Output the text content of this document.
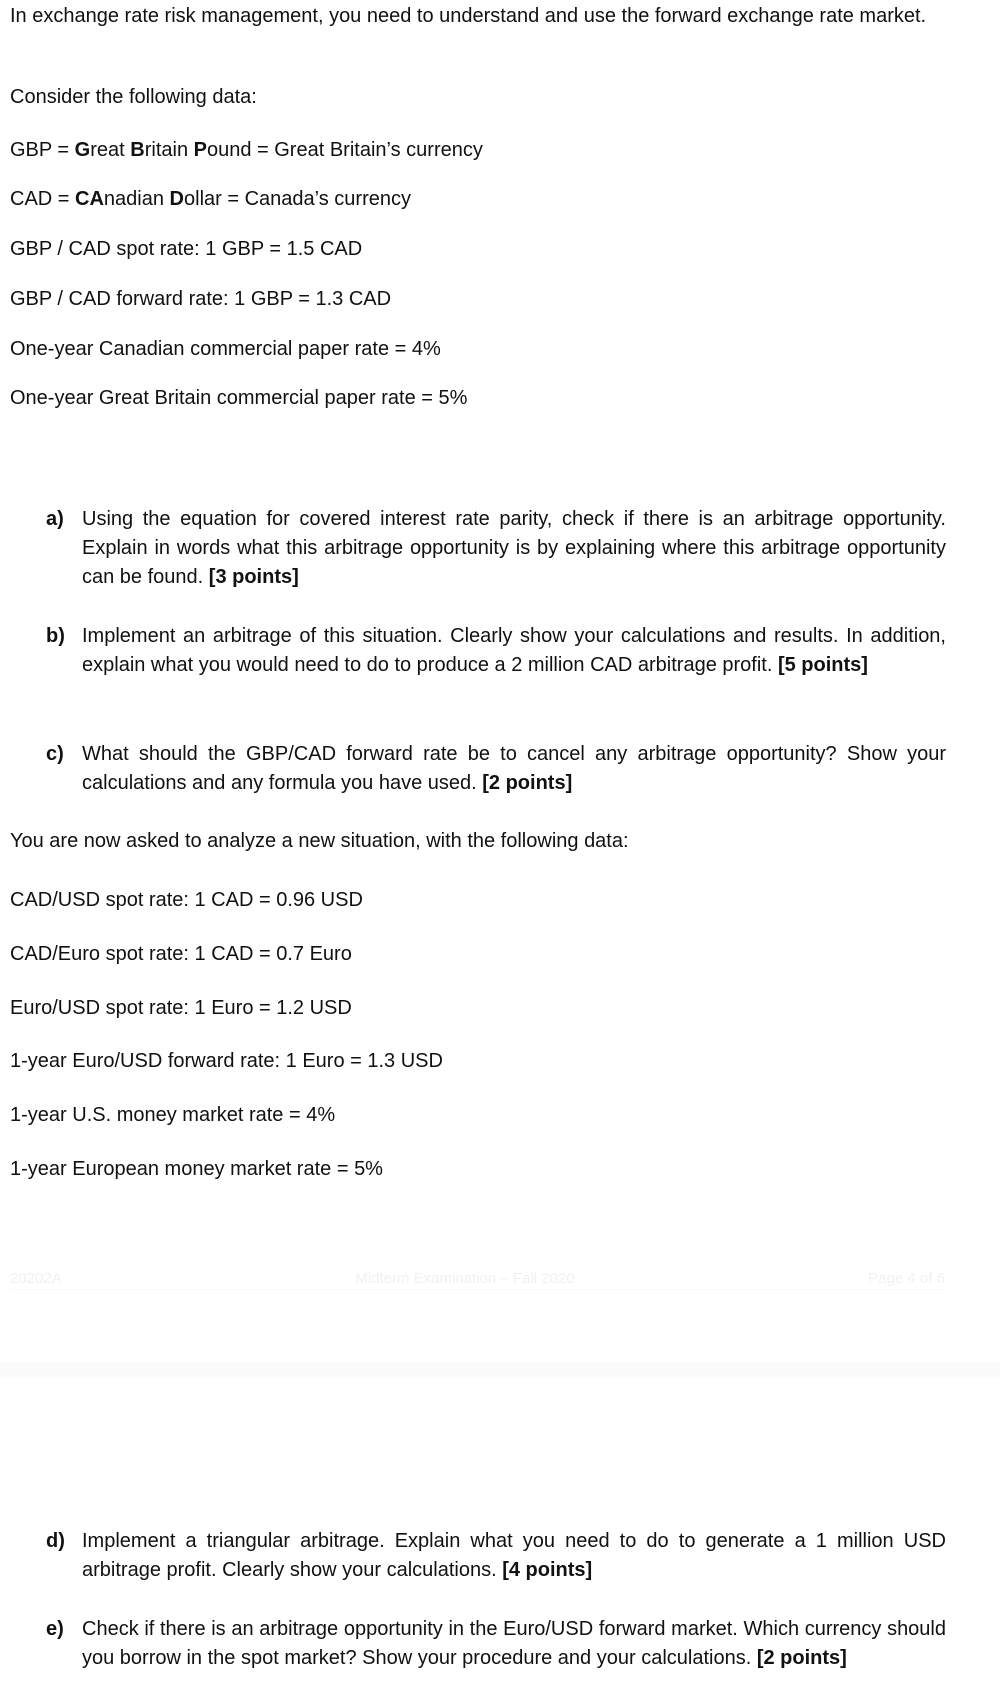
In exchange rate risk management, you need to understand and use the forward exchange rate market.

Consider the following data:

GBP = Great Britain Pound = Great Britain’s currency

CAD = CAnadian Dollar = Canada’s currency

GBP / CAD spot rate: 1 GBP = 1.5 CAD

GBP / CAD forward rate: 1 GBP = 1.3 CAD

One-year Canadian commercial paper rate = 4%

One-year Great Britain commercial paper rate = 5%

a) Using the equation for covered interest rate parity, check if there is an arbitrage opportunity. Explain in words what this arbitrage opportunity is by explaining where this arbitrage opportunity can be found. [3 points]
b) Implement an arbitrage of this situation. Clearly show your calculations and results. In addition, explain what you would need to do to produce a 2 million CAD arbitrage profit. [5 points]
c) What should the GBP/CAD forward rate be to cancel any arbitrage opportunity? Show your calculations and any formula you have used. [2 points]

You are now asked to analyze a new situation, with the following data:

CAD/USD spot rate: 1 CAD = 0.96 USD

CAD/Euro spot rate: 1 CAD = 0.7 Euro

Euro/USD spot rate: 1 Euro = 1.2 USD

1-year Euro/USD forward rate: 1 Euro = 1.3 USD

1-year U.S. money market rate = 4%

1-year European money market rate = 5%

20202A	Midterm Examination – Fall 2020	Page 4 of 6
d) Implement a triangular arbitrage. Explain what you need to do to generate a 1 million USD arbitrage profit. Clearly show your calculations. [4 points]
e) Check if there is an arbitrage opportunity in the Euro/USD forward market. Which currency should you borrow in the spot market? Show your procedure and your calculations. [2 points]
